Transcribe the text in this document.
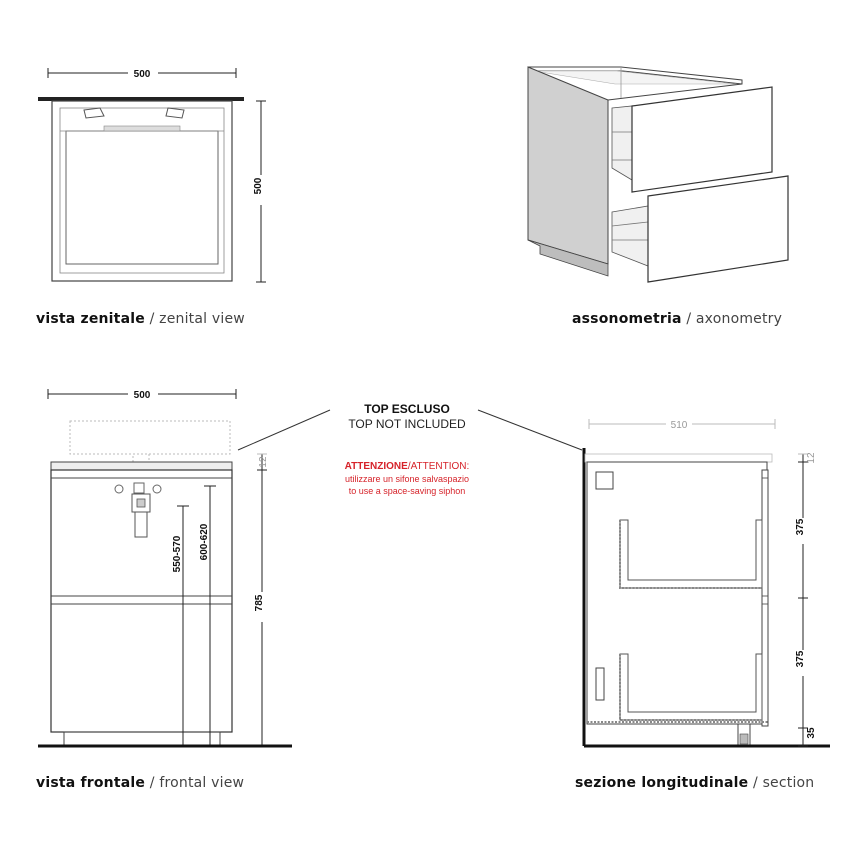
500
500
500
550-570 600-620
12
785
TOP ESCLUSO
TOP NOT INCLUDED
ATTENZIONE/ATTENTION:
utilizzare un sifone salvaspazio
to use a space-saving siphon
510
12
375
375
35
vista zenitale / zenital view	assonometria / axonometry
vista frontale / frontal view	sezione longitudinale / section
